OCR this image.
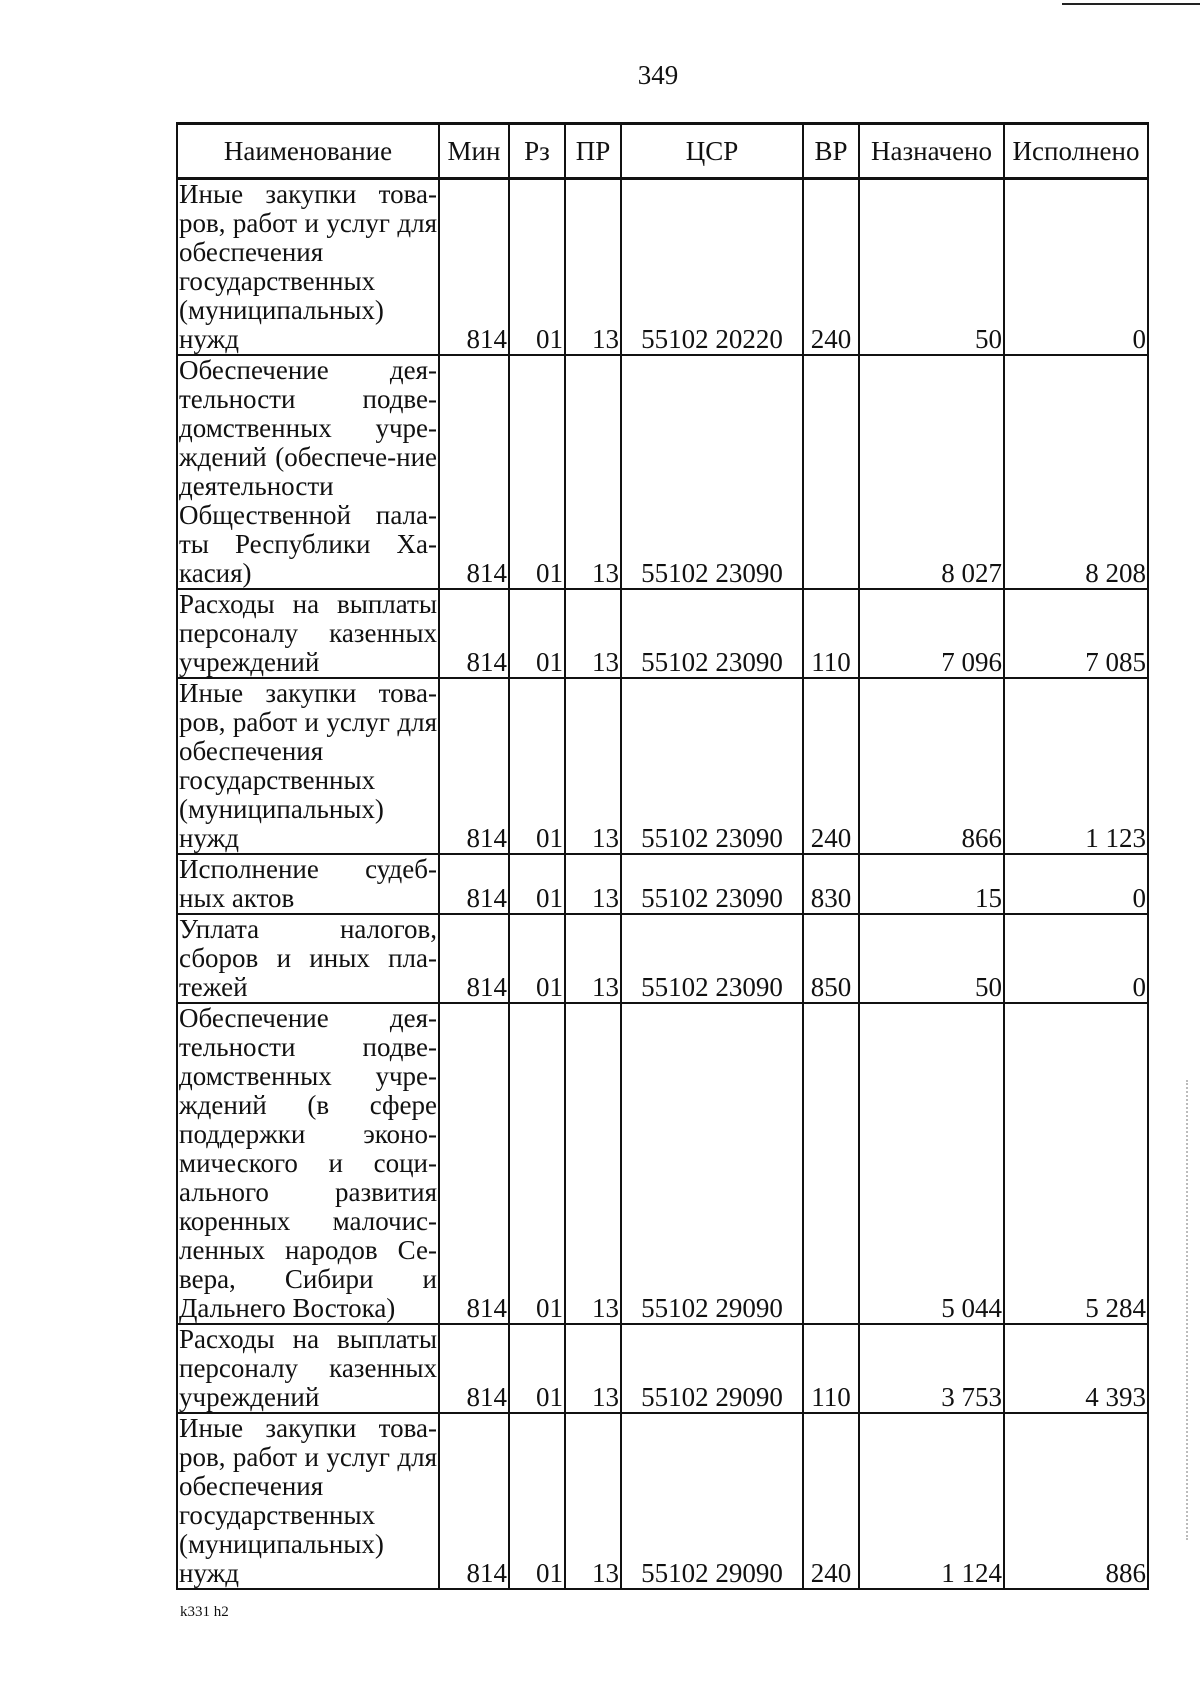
349
Наименование	Мин	Рз	ПР	ЦСР	ВР	Назначено	Исполнено
Иные закупки това-ров, работ и услуг для обеспечения государственных (муниципальных) нужд	814	01	13	55102 20220	240	50	0
Обеспечение дея-тельности подве-домственных учре-ждений (обеспече-ние деятельности Общественной пала-ты Республики Ха-касия)	814	01	13	55102 23090		8 027	8 208
Расходы на выплаты персоналу казенных учреждений	814	01	13	55102 23090	110	7 096	7 085
Иные закупки това-ров, работ и услуг для обеспечения государственных (муниципальных) нужд	814	01	13	55102 23090	240	866	1 123
Исполнение судеб-ных актов	814	01	13	55102 23090	830	15	0
Уплата налогов, сборов и иных пла-тежей	814	01	13	55102 23090	850	50	0
Обеспечение дея-тельности подве-домственных учре-ждений (в сфере поддержки эконо-мического и соци-ального развития коренных малочис-ленных народов Се-вера, Сибири и Дальнего Востока)	814	01	13	55102 29090		5 044	5 284
Расходы на выплаты персоналу казенных учреждений	814	01	13	55102 29090	110	3 753	4 393
Иные закупки това-ров, работ и услуг для обеспечения государственных (муниципальных) нужд	814	01	13	55102 29090	240	1 124	886
k331 h2
